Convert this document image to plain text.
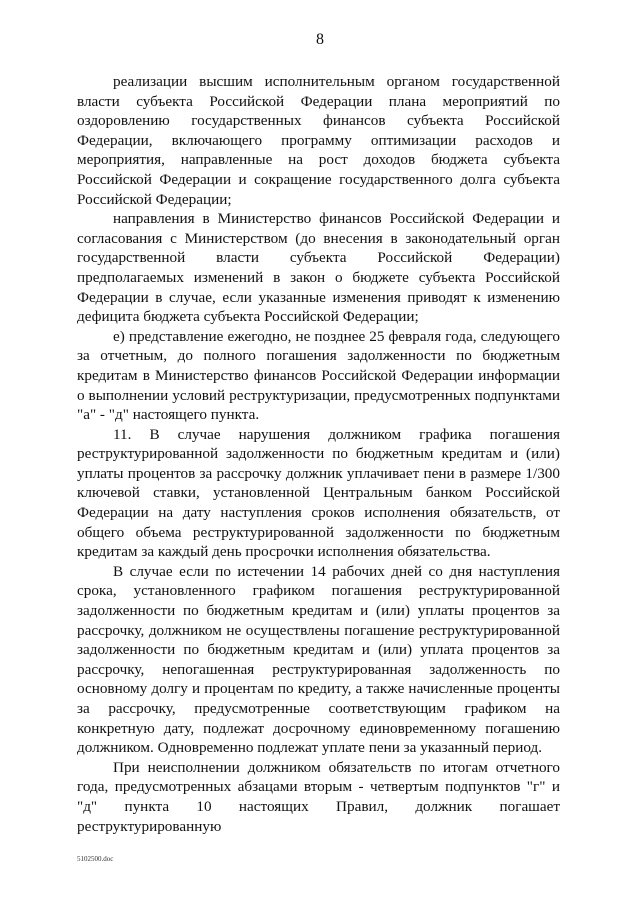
8

реализации высшим исполнительным органом государственной власти субъекта Российской Федерации плана мероприятий по оздоровлению государственных финансов субъекта Российской Федерации, включающего программу оптимизации расходов и мероприятия, направленные на рост доходов бюджета субъекта Российской Федерации и сокращение государственного долга субъекта Российской Федерации;

направления в Министерство финансов Российской Федерации и согласования с Министерством (до внесения в законодательный орган государственной власти субъекта Российской Федерации) предполагаемых изменений в закон о бюджете субъекта Российской Федерации в случае, если указанные изменения приводят к изменению дефицита бюджета субъекта Российской Федерации;

е) представление ежегодно, не позднее 25 февраля года, следующего за отчетным, до полного погашения задолженности по бюджетным кредитам в Министерство финансов Российской Федерации информации о выполнении условий реструктуризации, предусмотренных подпунктами "а" - "д" настоящего пункта.

11. В случае нарушения должником графика погашения реструктурированной задолженности по бюджетным кредитам и (или) уплаты процентов за рассрочку должник уплачивает пени в размере 1/300 ключевой ставки, установленной Центральным банком Российской Федерации на дату наступления сроков исполнения обязательств, от общего объема реструктурированной задолженности по бюджетным кредитам за каждый день просрочки исполнения обязательства.

В случае если по истечении 14 рабочих дней со дня наступления срока, установленного графиком погашения реструктурированной задолженности по бюджетным кредитам и (или) уплаты процентов за рассрочку, должником не осуществлены погашение реструктурированной задолженности по бюджетным кредитам и (или) уплата процентов за рассрочку, непогашенная реструктурированная задолженность по основному долгу и процентам по кредиту, а также начисленные проценты за рассрочку, предусмотренные соответствующим графиком на конкретную дату, подлежат досрочному единовременному погашению должником. Одновременно подлежат уплате пени за указанный период.

При неисполнении должником обязательств по итогам отчетного года, предусмотренных абзацами вторым - четвертым подпунктов "г" и "д" пункта 10 настоящих Правил, должник погашает реструктурированную

5102500.doc
